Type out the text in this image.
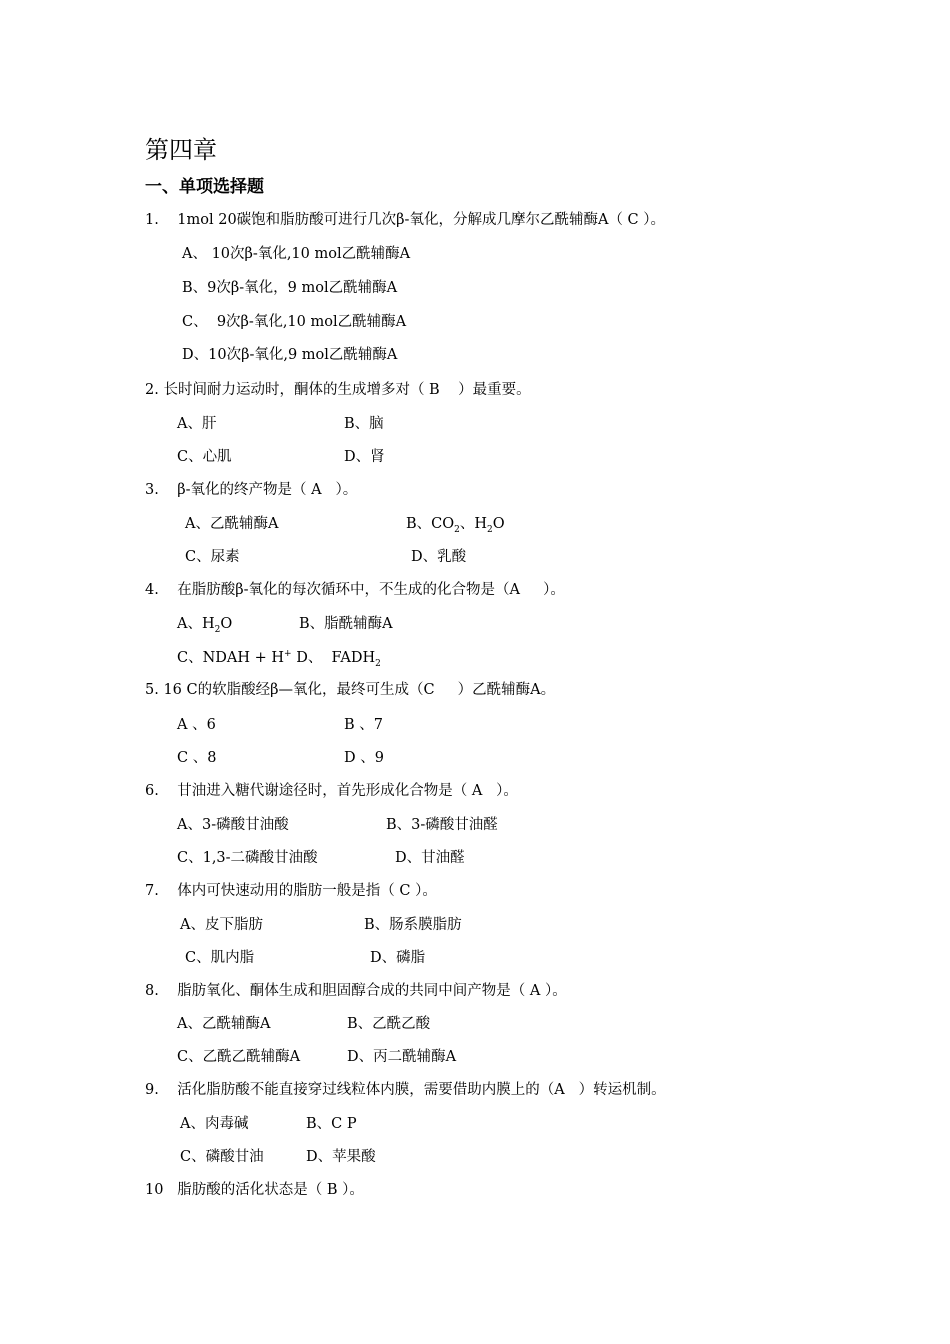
第四章
一、单项选择题
1.    1mol 20碳饱和脂肪酸可进行几次β-氧化，分解成几摩尔乙酰辅酶A（ C ）。
A、 10次β-氧化,10 mol乙酰辅酶A
B、9次β-氧化，9 mol乙酰辅酶A
C、  9次β-氧化,10 mol乙酰辅酶A
D、10次β-氧化,9 mol乙酰辅酶A
2. 长时间耐力运动时，酮体的生成增多对（ B    ）最重要。
A、肝	B、脑
C、心肌	D、肾
3.    β-氧化的终产物是（ A   ）。
A、乙酰辅酶A	B、$CO_2$、$H_2O$
C、尿素	D、乳酸
4.    在脂肪酸β-氧化的每次循环中，不生成的化合物是（A     ）。
A、$H_2O$	B、脂酰辅酶A
C、NDAH + H+ D、  $FADH_2$
5. 16 C的软脂酸经β—氧化，最终可生成（C     ）乙酰辅酶A。
A 、6	B 、7
C 、8	D 、9
6.    甘油进入糖代谢途径时，首先形成化合物是（ A   ）。
A、3-磷酸甘油酸	B、3-磷酸甘油醛
C、1,3-二磷酸甘油酸	D、甘油醛
7.    体内可快速动用的脂肪一般是指（ C ）。
A、皮下脂肪	B、肠系膜脂肪
C、肌内脂	D、磷脂
8.    脂肪氧化、酮体生成和胆固醇合成的共同中间产物是（ A ）。
A、乙酰辅酶A	B、乙酰乙酸
C、乙酰乙酰辅酶A	D、丙二酰辅酶A
9.    活化脂肪酸不能直接穿过线粒体内膜，需要借助内膜上的（A   ）转运机制。
A、肉毒碱	B、C P
C、磷酸甘油	D、苹果酸
10   脂肪酸的活化状态是（ B ）。
